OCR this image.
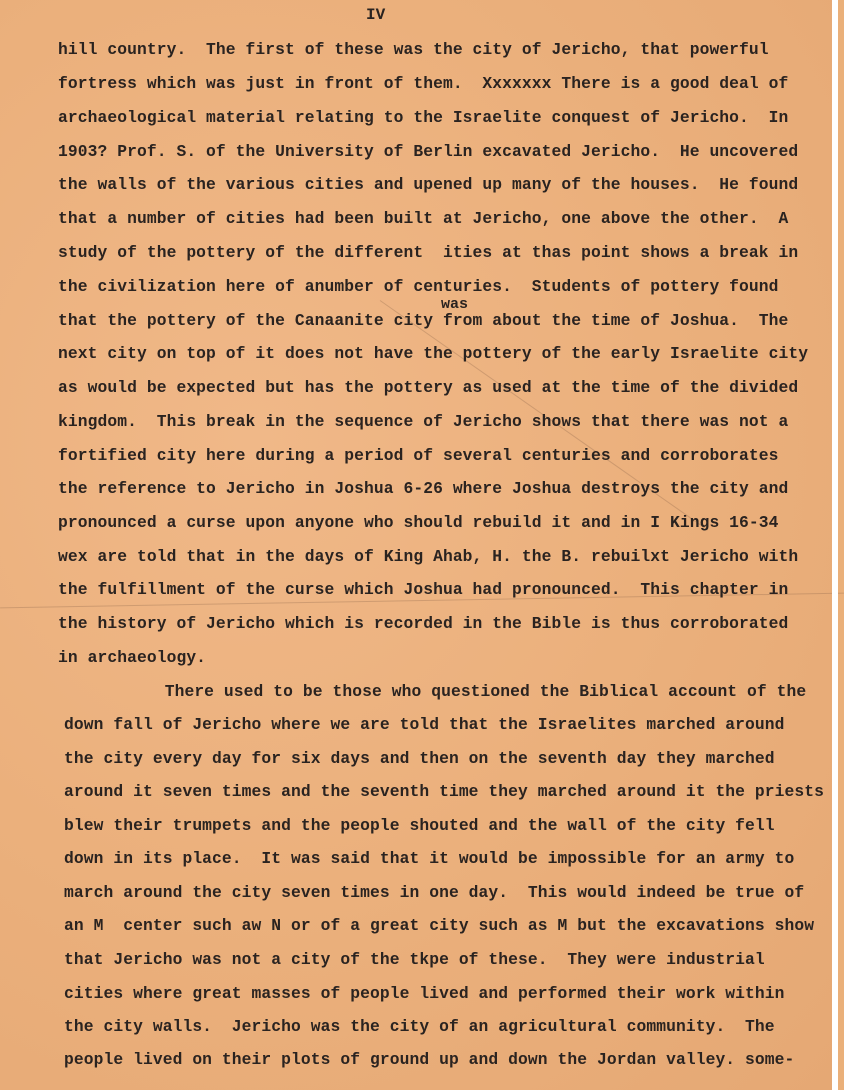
IV
was
hill country.  The first of these was the city of Jericho, that powerful
fortress which was just in front of them.  Xxxxxxx There is a good deal of
archaeological material relating to the Israelite conquest of Jericho.  In
1903? Prof. S. of the University of Berlin excavated Jericho.  He uncovered
the walls of the various cities and upened up many of the houses.  He found
that a number of cities had been built at Jericho, one above the other.  A
study of the pottery of the different  ities at thas point shows a break in
the civilization here of anumber of centuries.  Students of pottery found
that the pottery of the Canaanite city from about the time of Joshua.  The
next city on top of it does not have the pottery of the early Israelite city
as would be expected but has the pottery as used at the time of the divided
kingdom.  This break in the sequence of Jericho shows that there was not a
fortified city here during a period of several centuries and corroborates
the reference to Jericho in Joshua 6-26 where Joshua destroys the city and
pronounced a curse upon anyone who should rebuild it and in I Kings 16-34
wex are told that in the days of King Ahab, H. the B. rebuilxt Jericho with
the fulfillment of the curse which Joshua had pronounced.  This chapter in
the history of Jericho which is recorded in the Bible is thus corroborated
in archaeology.
There used to be those who questioned the Biblical account of the
down fall of Jericho where we are told that the Israelites marched around
the city every day for six days and then on the seventh day they marched
around it seven times and the seventh time they marched around it the priests
blew their trumpets and the people shouted and the wall of the city fell
down in its place.  It was said that it would be impossible for an army to
march around the city seven times in one day.  This would indeed be true of
an M  center such aw N or of a great city such as M but the excavations show
that Jericho was not a city of the tkpe of these.  They were industrial
cities where great masses of people lived and performed their work within
the city walls.  Jericho was the city of an agricultural community.  The
people lived on their plots of ground up and down the Jordan valley. some-
